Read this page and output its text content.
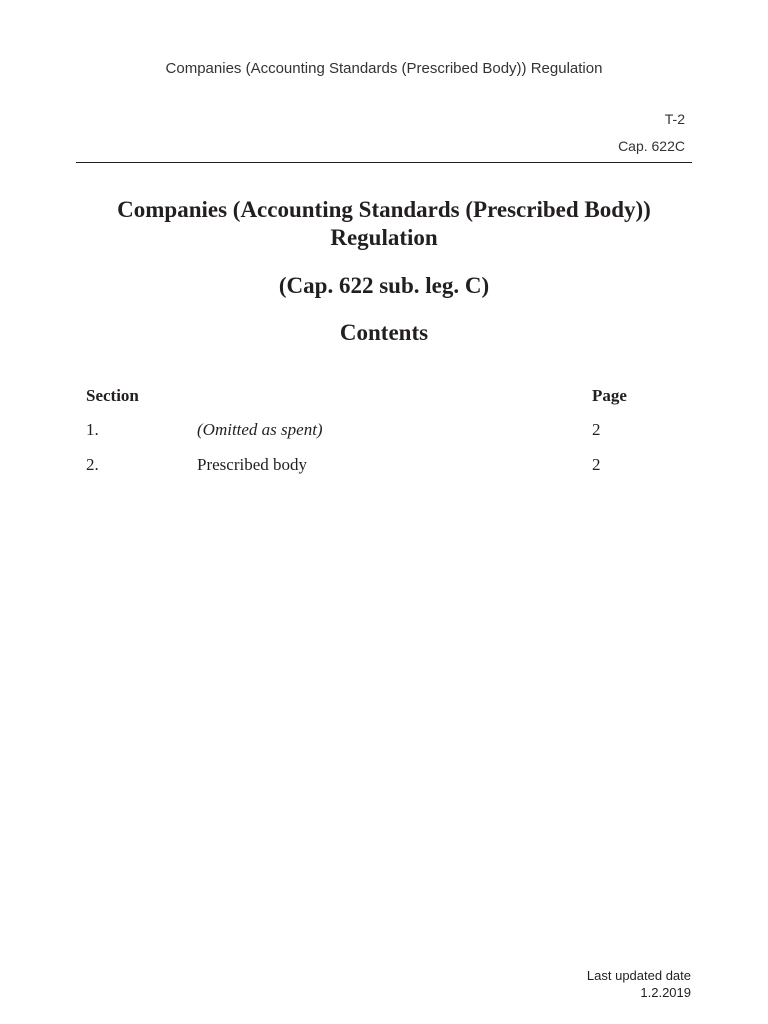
Companies (Accounting Standards (Prescribed Body)) Regulation
T-2
Cap. 622C
Companies (Accounting Standards (Prescribed Body)) Regulation
(Cap. 622 sub. leg. C)
Contents
Section	Page
1.	(Omitted as spent)	2
2.	Prescribed body	2
Last updated date
1.2.2019
